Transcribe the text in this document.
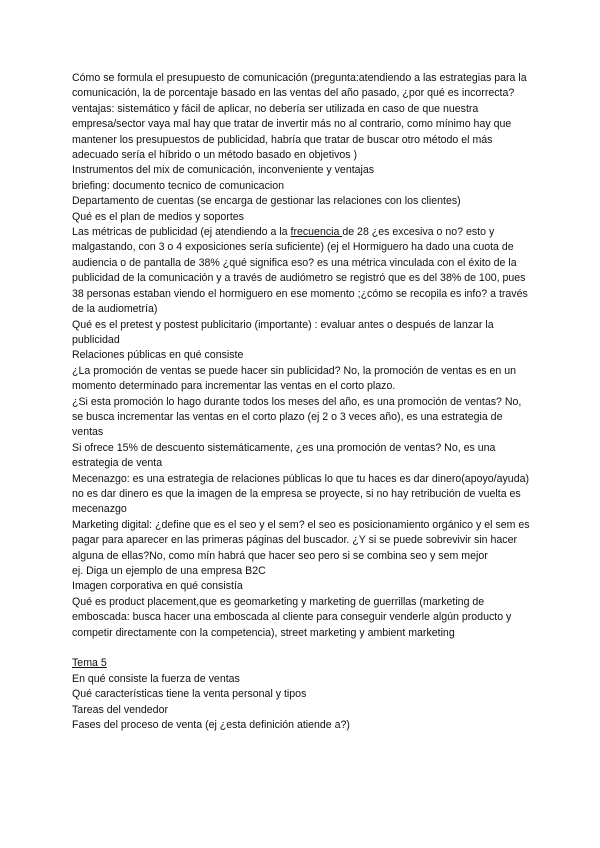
Cómo se formula el presupuesto de comunicación (pregunta:atendiendo a las estrategias para la comunicación, la de porcentaje basado en las ventas del año pasado, ¿por qué es incorrecta? ventajas: sistemático y fácil de aplicar, no debería ser utilizada en caso de que nuestra empresa/sector vaya mal hay que tratar de invertir más no al contrario, como mínimo hay que mantener los presupuestos de publicidad, habría que tratar de buscar otro método el más adecuado sería el híbrido o un método basado en objetivos )

Instrumentos del mix de comunicación, inconveniente y ventajas

briefing: documento tecnico de comunicacion

Departamento de cuentas (se encarga de gestionar las relaciones con los clientes)

Qué es el plan de medios y soportes

Las métricas de publicidad (ej atendiendo a la frecuencia de 28 ¿es excesiva o no? esto y malgastando, con 3 o 4 exposiciones sería suficiente) (ej el Hormiguero ha dado una cuota de audiencia o de pantalla de 38% ¿qué significa eso? es una métrica vinculada con el éxito de la publicidad de la comunicación y a través de audiómetro se registró que es del 38% de 100, pues 38 personas estaban viendo el hormiguero en ese momento ;¿cómo se recopila es info? a través de la audiometría)

Qué es el pretest y postest publicitario (importante) : evaluar antes o después de lanzar la publicidad

Relaciones públicas en qué consiste

¿La promoción de ventas se puede hacer sin publicidad? No, la promoción de ventas es en un momento determinado para incrementar las ventas en el corto plazo.

¿Si esta promoción lo hago durante todos los meses del año, es una promoción de ventas? No, se busca incrementar las ventas en el corto plazo (ej 2 o 3 veces año), es una estrategia de ventas

Si ofrece 15% de descuento sistemáticamente, ¿es una promoción de ventas? No, es una estrategia de venta

Mecenazgo: es una estrategia de relaciones públicas lo que tu haces es dar dinero(apoyo/ayuda) no es dar dinero es que la imagen de la empresa se proyecte, si no hay retribución de vuelta es mecenazgo

Marketing digital: ¿define que es el seo y el sem? el seo es posicionamiento orgánico y el sem es pagar para aparecer en las primeras páginas del buscador. ¿Y si se puede sobrevivir sin hacer alguna de ellas?No, como mín habrá que hacer seo pero si se combina seo y sem mejor

ej. Diga un ejemplo de una empresa B2C

Imagen corporativa en qué consistía

Qué es product placement,que es geomarketing y marketing de guerrillas (marketing de emboscada: busca hacer una emboscada al cliente para conseguir venderle algún producto y competir directamente con la competencia), street marketing y ambient marketing

Tema 5

En qué consiste la fuerza de ventas

Qué características tiene la venta personal y tipos

Tareas del vendedor

Fases del proceso de venta (ej ¿esta definición atiende a?)
